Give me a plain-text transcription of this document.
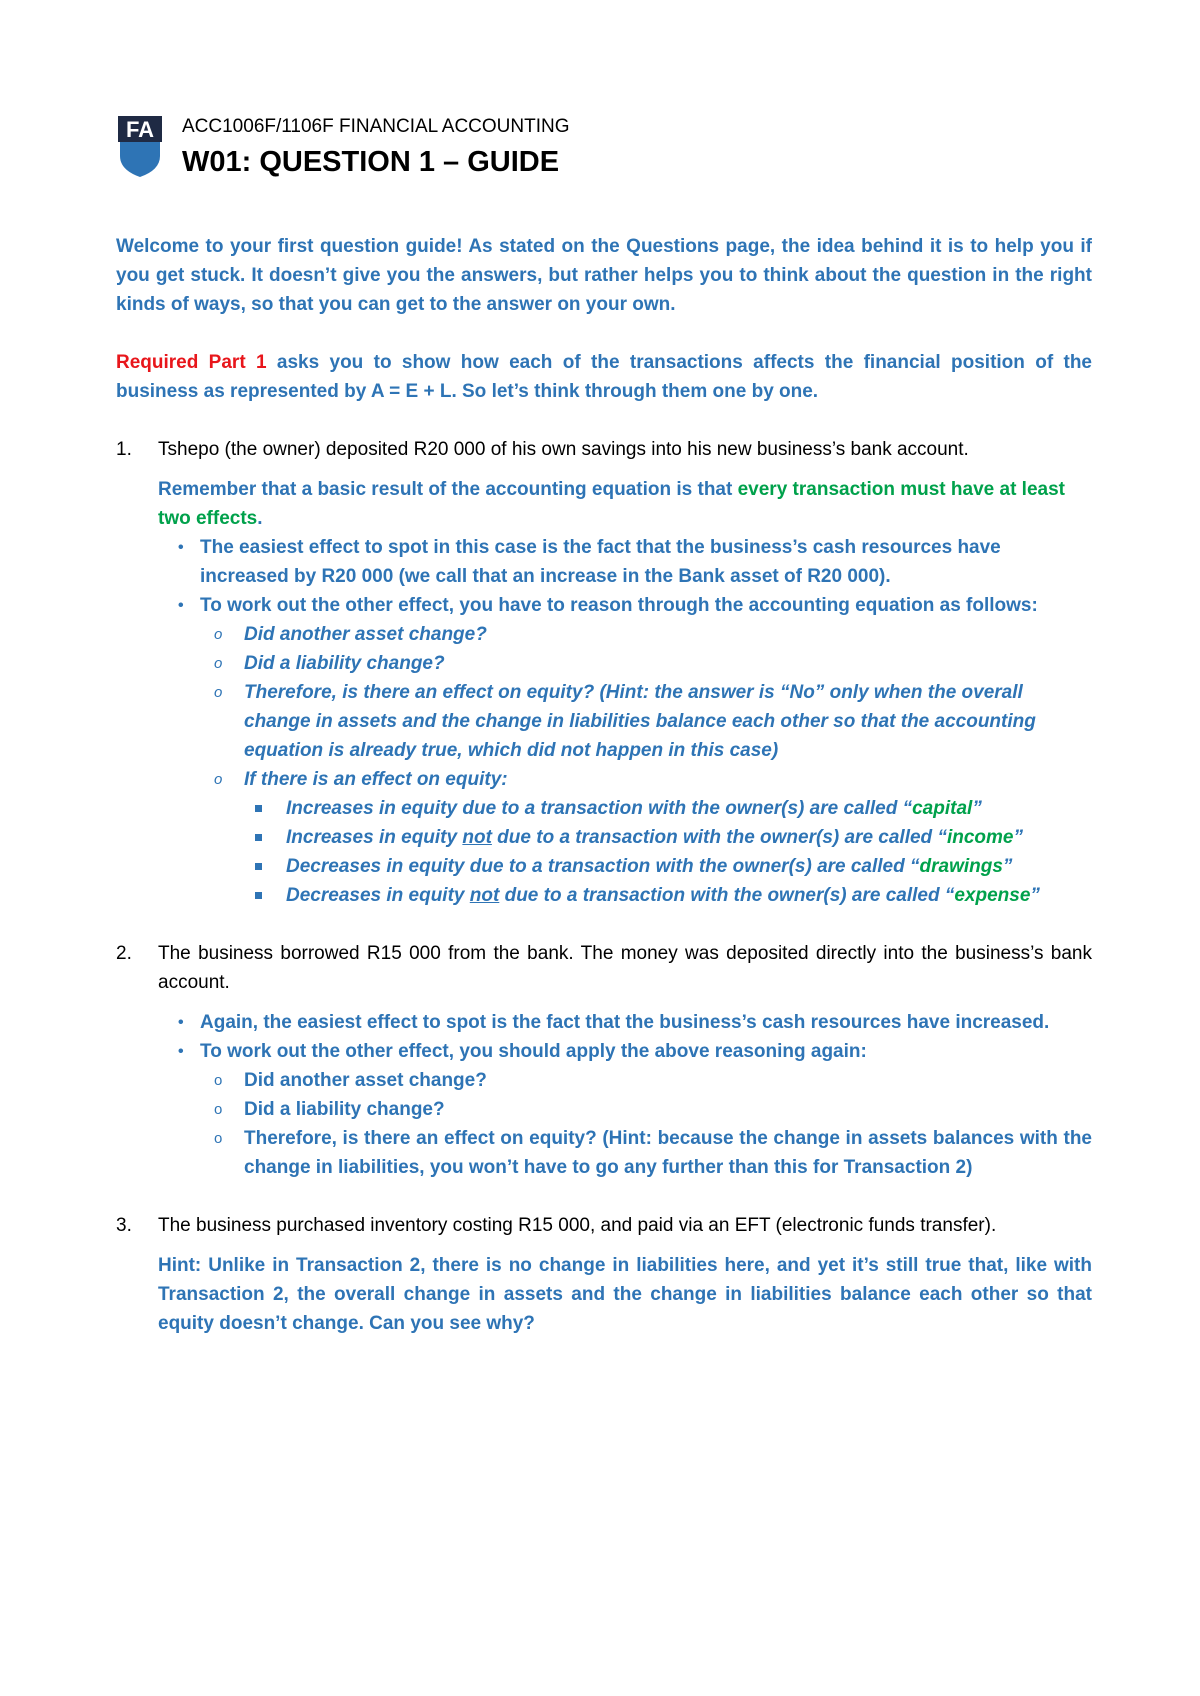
FA ACC1006F/1106F FINANCIAL ACCOUNTING
W01: QUESTION 1 – GUIDE

Welcome to your first question guide! As stated on the Questions page, the idea behind it is to help you if you get stuck. It doesn’t give you the answers, but rather helps you to think about the question in the right kinds of ways, so that you can get to the answer on your own.

Required Part 1 asks you to show how each of the transactions affects the financial position of the business as represented by A = E + L. So let’s think through them one by one.

1. Tshepo (the owner) deposited R20 000 of his own savings into his new business’s bank account.

Remember that a basic result of the accounting equation is that every transaction must have at least two effects.

• The easiest effect to spot in this case is the fact that the business’s cash resources have increased by R20 000 (we call that an increase in the Bank asset of R20 000).

• To work out the other effect, you have to reason through the accounting equation as follows:

o Did another asset change?

o Did a liability change?

o Therefore, is there an effect on equity? (Hint: the answer is “No” only when the overall change in assets and the change in liabilities balance each other so that the accounting equation is already true, which did not happen in this case)

o If there is an effect on equity:

Increases in equity due to a transaction with the owner(s) are called “capital”

Increases in equity not due to a transaction with the owner(s) are called “income”

Decreases in equity due to a transaction with the owner(s) are called “drawings”

Decreases in equity not due to a transaction with the owner(s) are called “expense”

2. The business borrowed R15 000 from the bank. The money was deposited directly into the business’s bank account.

• Again, the easiest effect to spot is the fact that the business’s cash resources have increased.

• To work out the other effect, you should apply the above reasoning again:

o Did another asset change?

o Did a liability change?

o Therefore, is there an effect on equity? (Hint: because the change in assets balances with the change in liabilities, you won’t have to go any further than this for Transaction 2)

3. The business purchased inventory costing R15 000, and paid via an EFT (electronic funds transfer).

Hint: Unlike in Transaction 2, there is no change in liabilities here, and yet it’s still true that, like with Transaction 2, the overall change in assets and the change in liabilities balance each other so that equity doesn’t change. Can you see why?
